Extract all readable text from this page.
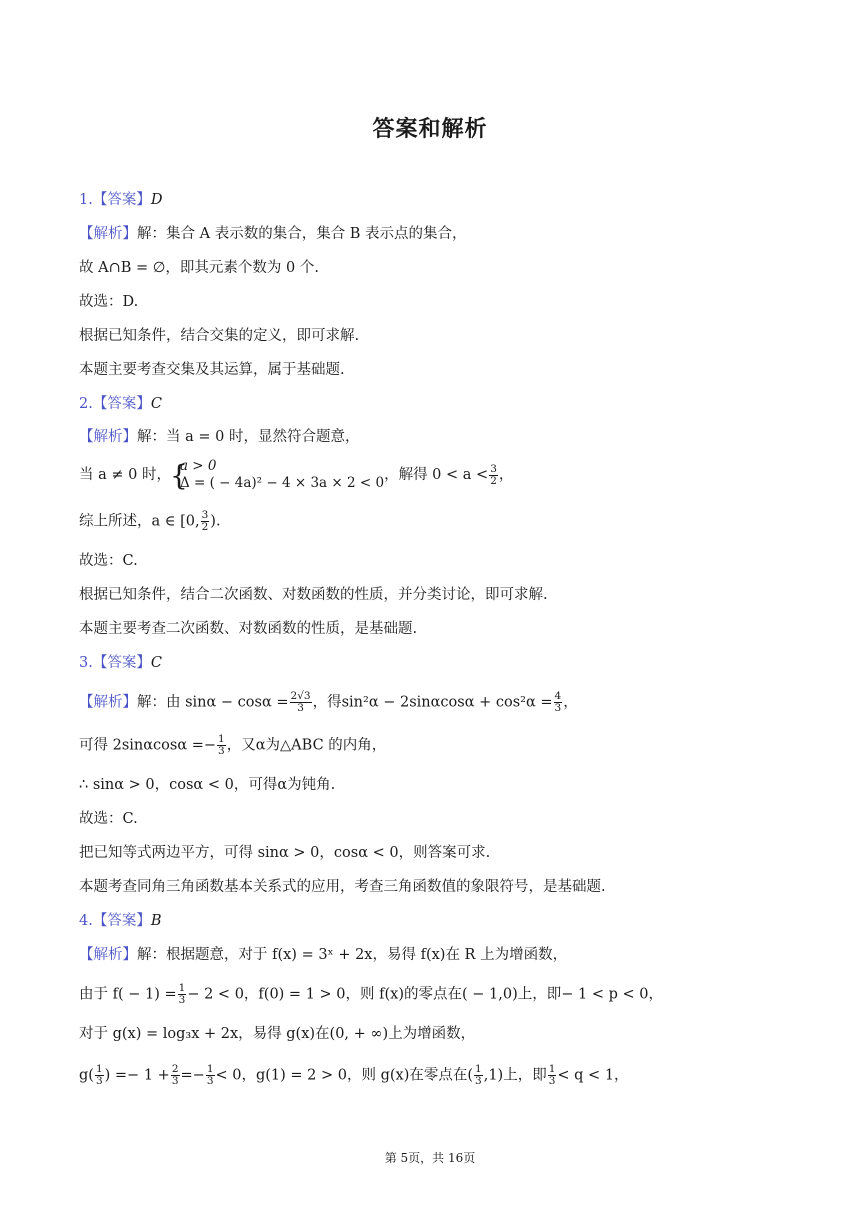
答案和解析
1.【答案】D
【解析】解：集合 A 表示数的集合，集合 B 表示点的集合，
故 A∩B = ∅，即其元素个数为 0 个.
故选：D.
根据已知条件，结合交集的定义，即可求解.
本题主要考查交集及其运算，属于基础题.
2.【答案】C
【解析】解：当 a = 0 时，显然符合题意，
当 a ≠ 0 时， {
a > 0
Δ = ( − 4a)² − 4 × 3a × 2 < 0 ，解得 $0 < a < \frac{3}{2}$ ，
综上所述，a ∈ [0, $\frac{3}{2}$ ).
故选：C.
根据已知条件，结合二次函数、对数函数的性质，并分类讨论，即可求解.
本题主要考查二次函数、对数函数的性质，是基础题.
3.【答案】C
【解析】解：由 $\sin\alpha - \cos\alpha = \frac{2√3}{3}$ ，得$\sin^2\alpha - 2\sin\alpha\cos\alpha + \cos^2\alpha = \frac{4}{3}$ ，
可得 $2\sin\alpha\cos\alpha =- \frac{1}{3}$ ，又α为△ABC 的内角，
∴ sinα > 0，cosα < 0，可得α为钝角.
故选：C.
把已知等式两边平方，可得 sinα > 0，cosα < 0，则答案可求.
本题考查同角三角函数基本关系式的应用，考查三角函数值的象限符号，是基础题.
4.【答案】B
【解析】解：根据题意，对于 f(x) = 3ˣ + 2x，易得 f(x)在 R 上为增函数，
由于 $f( - 1) = \frac{1}{3} - 2 < 0$，f(0) = 1 > 0，则 f(x)的零点在( − 1,0)上，即− 1 < p < 0，
对于 g(x) = log₃x + 2x，易得 g(x)在(0, + ∞)上为增函数，
$g( \frac{1}{3}$ ) =− $1 + \frac{2}{3} =- \frac{1}{3} < 0$，g(1) = 2 > 0，则 g(x)在零点在( $\frac{1}{3} ,1$)上，即 $\frac{1}{3} < q < 1$，
第 5页，共 16页
